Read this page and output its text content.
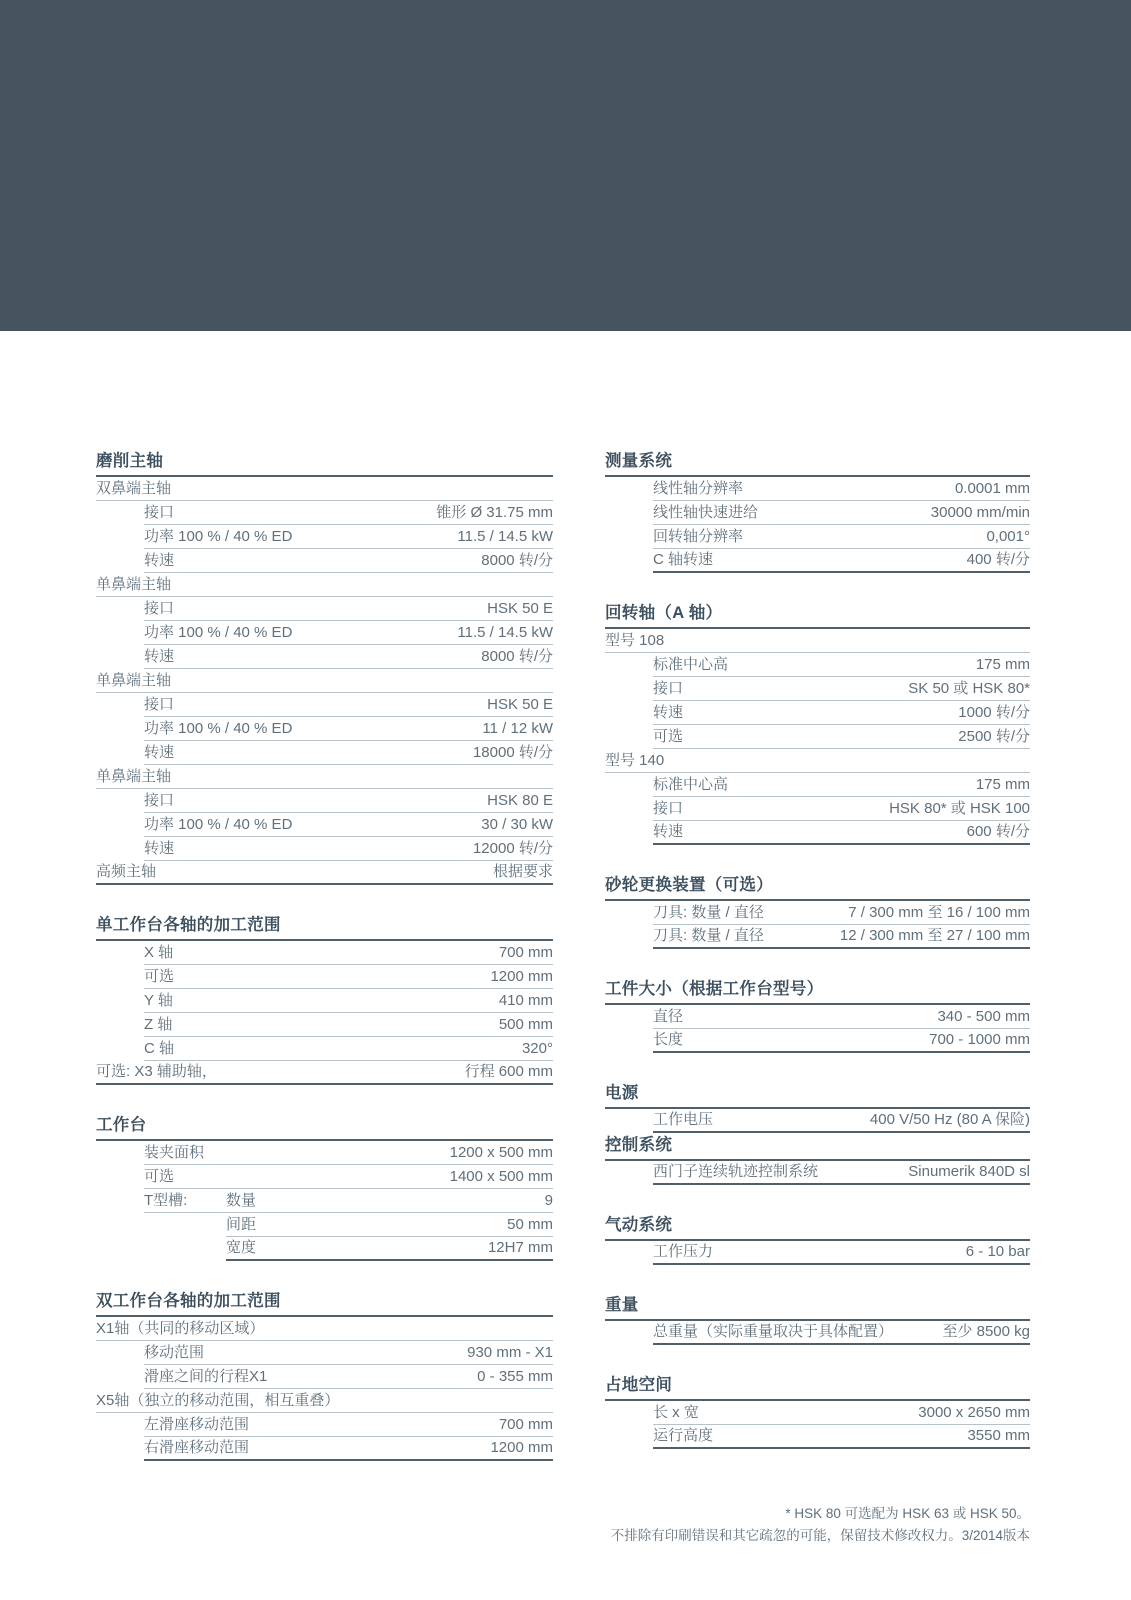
磨削主轴
双鼻端主轴
接口	锥形 Ø 31.75 mm
功率 100 % / 40 % ED	11.5 / 14.5 kW
转速	8000 转/分
单鼻端主轴
接口	HSK 50 E
功率 100 % / 40 % ED	11.5 / 14.5 kW
转速	8000 转/分
单鼻端主轴
接口	HSK 50 E
功率 100 % / 40 % ED	11 / 12 kW
转速	18000 转/分
单鼻端主轴
接口	HSK 80 E
功率 100 % / 40 % ED	30 / 30 kW
转速	12000 转/分
高频主轴	根据要求
单工作台各轴的加工范围
X 轴	700 mm
可选	1200 mm
Y 轴	410 mm
Z 轴	500 mm
C 轴	320°
可选: X3 辅助轴，	行程 600 mm
工作台
装夹面积	1200 x 500 mm
可选	1400 x 500 mm
T型槽:	数量	9
间距	50 mm
宽度	12H7 mm
双工作台各轴的加工范围
X1轴（共同的移动区域）
移动范围	930 mm - X1
滑座之间的行程X1	0 - 355 mm
X5轴（独立的移动范围，相互重叠）
左滑座移动范围	700 mm
右滑座移动范围	1200 mm
测量系统
线性轴分辨率	0.0001 mm
线性轴快速进给	30000 mm/min
回转轴分辨率	0,001°
C 轴转速	400 转/分
回转轴（A 轴）
型号 108
标准中心高	175 mm
接口	SK 50 或 HSK 80*
转速	1000 转/分
可选	2500 转/分
型号 140
标准中心高	175 mm
接口	HSK 80* 或 HSK 100
转速	600 转/分
砂轮更换装置（可选）
刀具: 数量 / 直径	7 / 300 mm 至 16 / 100 mm
刀具: 数量 / 直径	12 / 300 mm 至 27 / 100 mm
工件大小（根据工作台型号）
直径	340 - 500 mm
长度	700 - 1000 mm
电源
工作电压	400 V/50 Hz (80 A 保险)
控制系统
西门子连续轨迹控制系统	Sinumerik 840D sl
气动系统
工作压力	6 - 10 bar
重量
总重量（实际重量取决于具体配置）	至少 8500 kg
占地空间
长 x 宽	3000 x 2650 mm
运行高度	3550 mm
* HSK 80 可选配为 HSK 63 或 HSK 50。
不排除有印刷错误和其它疏忽的可能，保留技术修改权力。3/2014版本
